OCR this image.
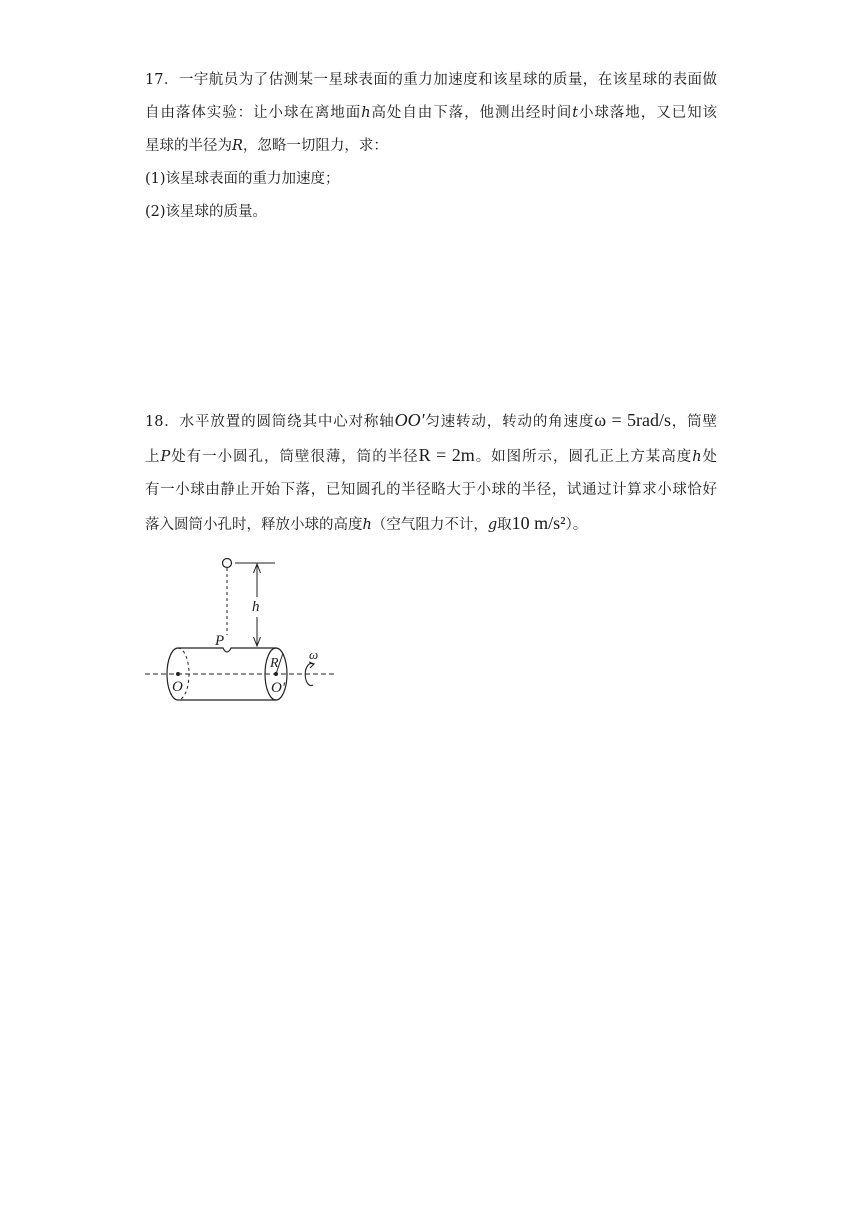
17．一宇航员为了估测某一星球表面的重力加速度和该星球的质量，在该星球的表面做
自由落体实验：让小球在离地面h高处自由下落，他测出经时间t小球落地，又已知该
星球的半径为R，忽略一切阻力，求：
(1)该星球表面的重力加速度；
(2)该星球的质量。
18．水平放置的圆筒绕其中心对称轴OO'匀速转动，转动的角速度ω = 5rad/s，筒壁
上P处有一小圆孔，筒壁很薄，筒的半径R = 2m。如图所示，圆孔正上方某高度h处
有一小球由静止开始下落，已知圆孔的半径略大于小球的半径，试通过计算求小球恰好
落入圆筒小孔时，释放小球的高度h（空气阻力不计，g取10 m/s²）。
h
P
R
O	O'
ω
